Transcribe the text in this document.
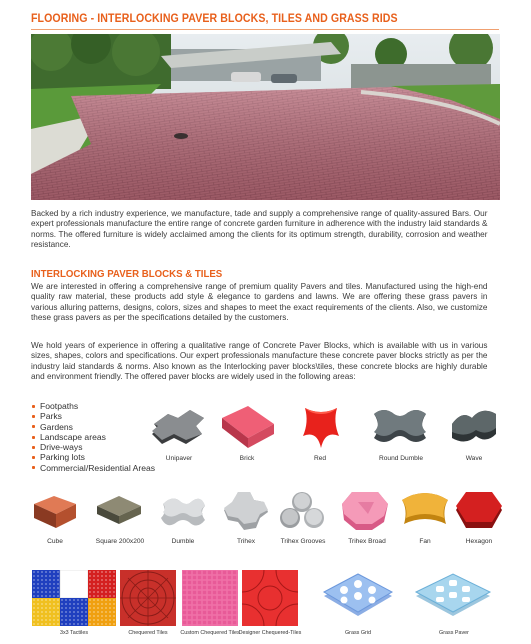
FLOORING - INTERLOCKING PAVER BLOCKS, TILES AND GRASS RIDS

Backed by a rich industry experience, we manufacture, tade and supply a comprehensive range of quality-assured Bars. Our expert professionals manufacture the entire range of concrete garden furniture in adherence with the industry laid standards & norms. The offered furniture is widely acclaimed among the clients for its optimum strength, durability, corrosion and weather resistance.

INTERLOCKING PAVER BLOCKS & TILES

We are interested in offering a comprehensive range of premium quality Pavers and tiles. Manufactured using the high-end quality raw material, these products add style & elegance to gardens and lawns. We are offering these grass pavers in various alluring patterns, designs, colors, sizes and shapes to meet the exact requirements of the clients. Also, we customize these grass pavers as per the specifications detailed by the customers.

We hold years of experience in offering a qualitative range of Concrete Paver Blocks, which is available with us in various sizes, shapes, colors and specifications. Our expert professionals manufacture these concrete paver blocks strictly as per the industry laid standards & norms. Also known as the Interlocking paver blocks\tiles, these concrete blocks are highly durable and environment friendly. The offered paver blocks are widely used in the following areas:

Footpaths
Parks
Gardens
Landscape areas
Drive-ways
Parking lots
Commercial/Residential Areas
Unipaver	Brick	Red	Round Dumble	Wave
Cube	Square 200x200	Dumble	Trihex	Trihex Grooves	Trihex Broad	Fan	Hexagon
3x3 Tactiles	Chequered Tiles	Custom Chequered Tiles
Designer Chequered-Tiles	Grass Grid	Grass Paver
